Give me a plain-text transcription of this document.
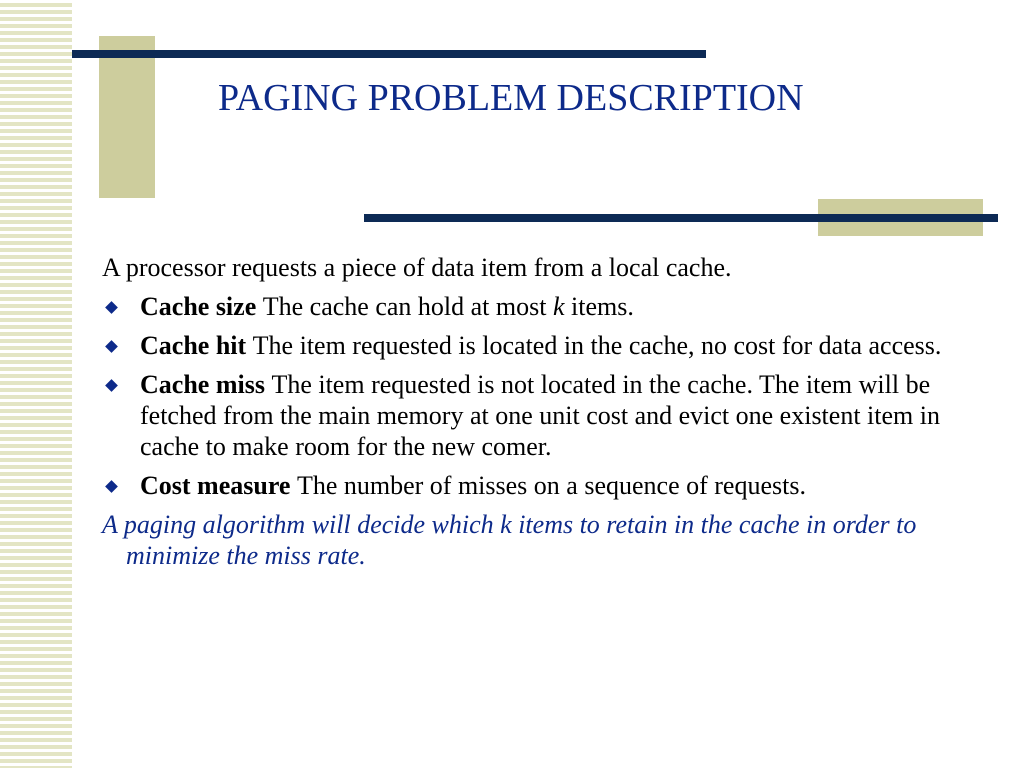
PAGING PROBLEM DESCRIPTION

A processor requests a piece of data item from a local cache.

Cache size The cache can hold at most k items.
Cache hit The item requested is located in the cache, no cost for data access.
Cache miss The item requested is not located in the cache. The item will be fetched from the main memory at one unit cost and evict one existent item in cache to make room for the new comer.
Cost measure The number of misses on a sequence of requests.

A paging algorithm will decide which k items to retain in the cache in order to minimize the miss rate.
